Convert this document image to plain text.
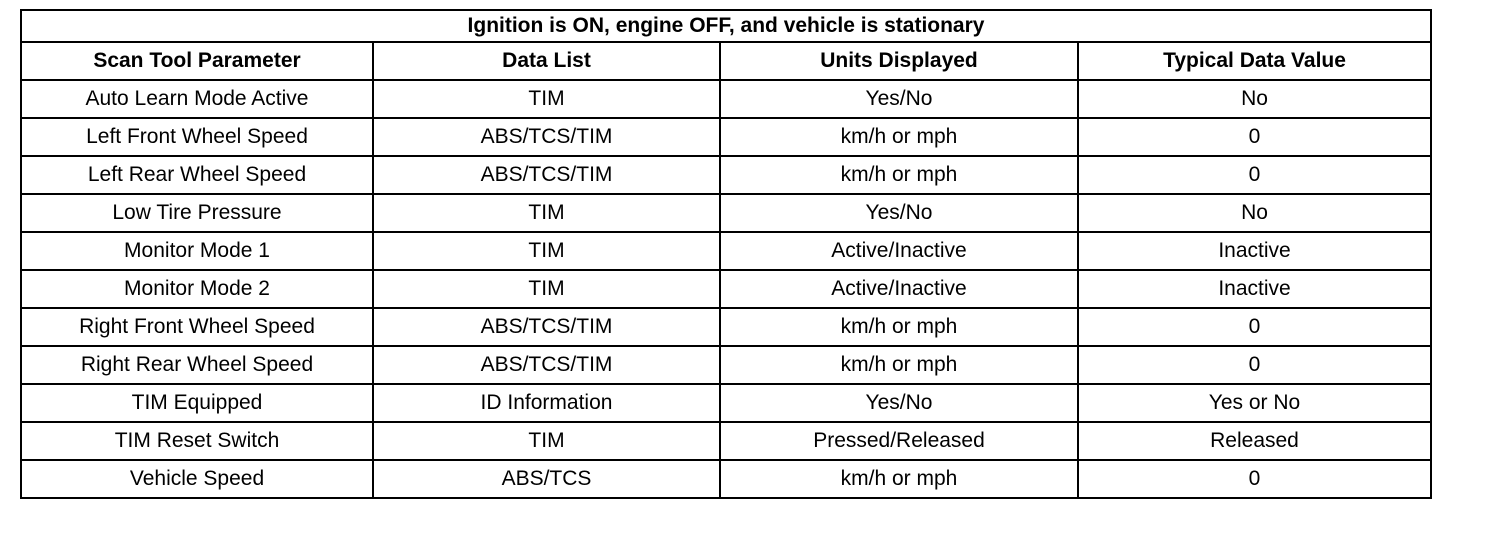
Ignition is ON, engine OFF, and vehicle is stationary			
Scan Tool Parameter	Data List	Units Displayed	Typical Data Value
Auto Learn Mode Active	TIM	Yes/No	No
Left Front Wheel Speed	ABS/TCS/TIM	km/h or mph	0
Left Rear Wheel Speed	ABS/TCS/TIM	km/h or mph	0
Low Tire Pressure	TIM	Yes/No	No
Monitor Mode 1	TIM	Active/Inactive	Inactive
Monitor Mode 2	TIM	Active/Inactive	Inactive
Right Front Wheel Speed	ABS/TCS/TIM	km/h or mph	0
Right Rear Wheel Speed	ABS/TCS/TIM	km/h or mph	0
TIM Equipped	ID Information	Yes/No	Yes or No
TIM Reset Switch	TIM	Pressed/Released	Released
Vehicle Speed	ABS/TCS	km/h or mph	0
